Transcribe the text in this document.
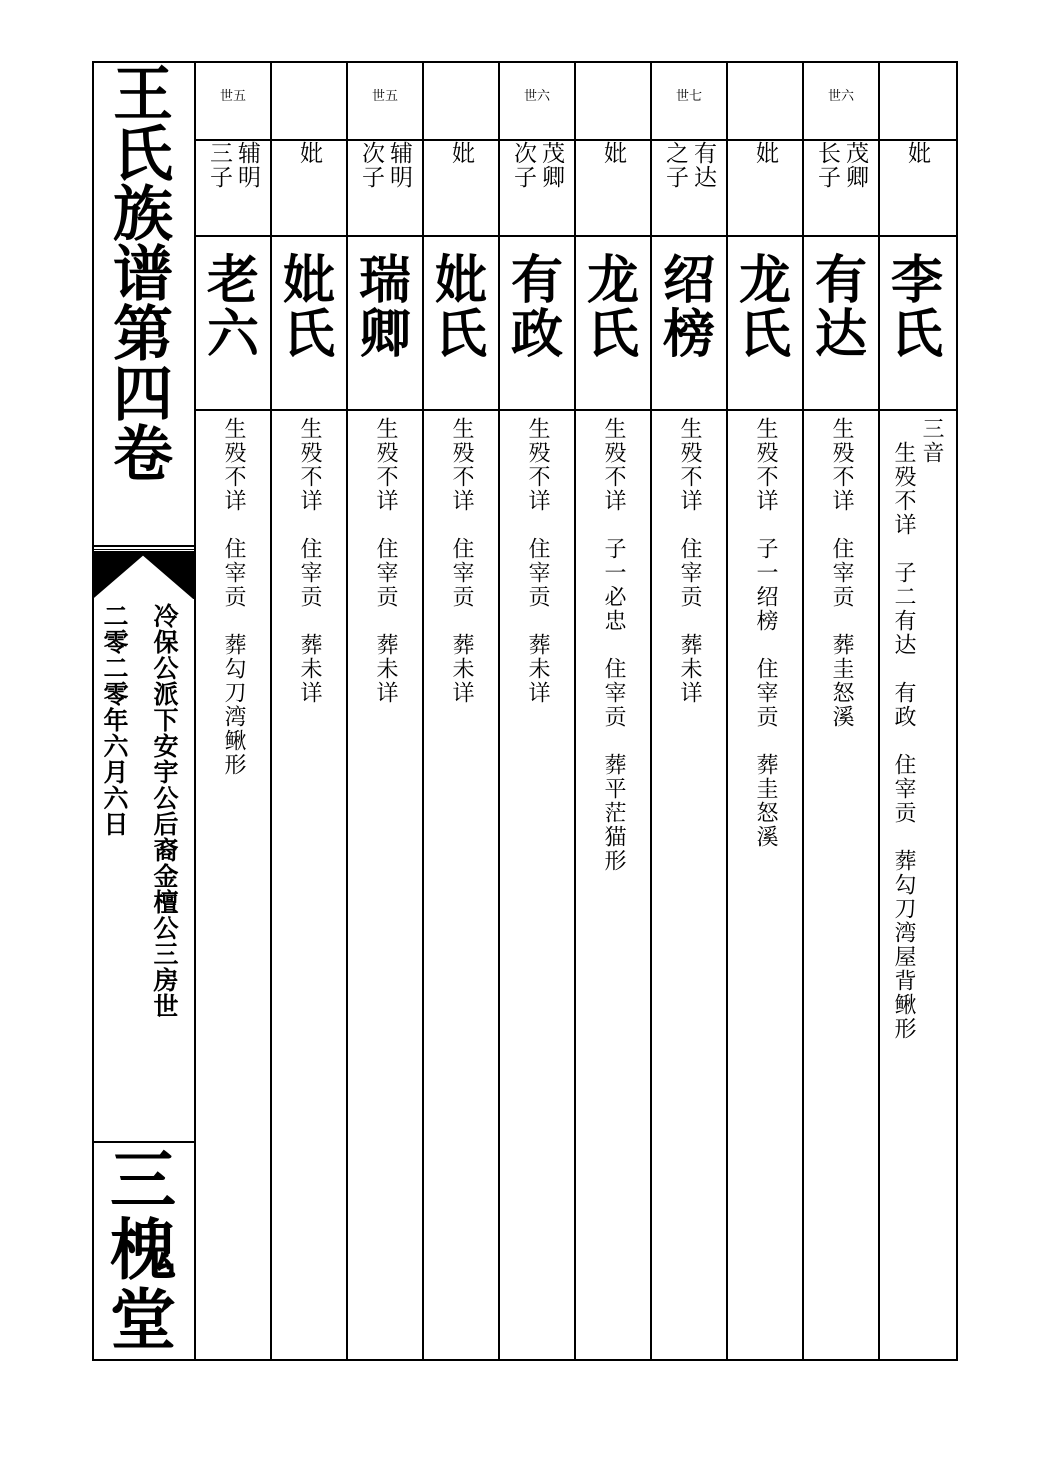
王
氏
族
谱
第
四
卷
冷保公派下安宇公后裔金檀公三房世
二零二零年六月六日
三
槐
堂
世五
辅明
三子
老
六
生殁不详　住宰贡　葬勾刀湾鳅形
妣
妣
氏
生殁不详　住宰贡　葬未详
世五
辅明
次子
瑞
卿
生殁不详　住宰贡　葬未详
妣
妣
氏
生殁不详　住宰贡　葬未详
世六
茂卿
次子
有
政
生殁不详　住宰贡　葬未详
妣
龙
氏
生殁不详　子一必忠　住宰贡　葬平茫猫形
世七
有达
之子
绍
榜
生殁不详　住宰贡　葬未详
妣
龙
氏
生殁不详　子一绍榜　住宰贡　葬圭怒溪
世六
茂卿
长子
有
达
生殁不详　住宰贡　葬圭怒溪
妣
李
氏
三音
　生殁不详　子二有达　有政　住宰贡　葬勾刀湾屋背鳅形
